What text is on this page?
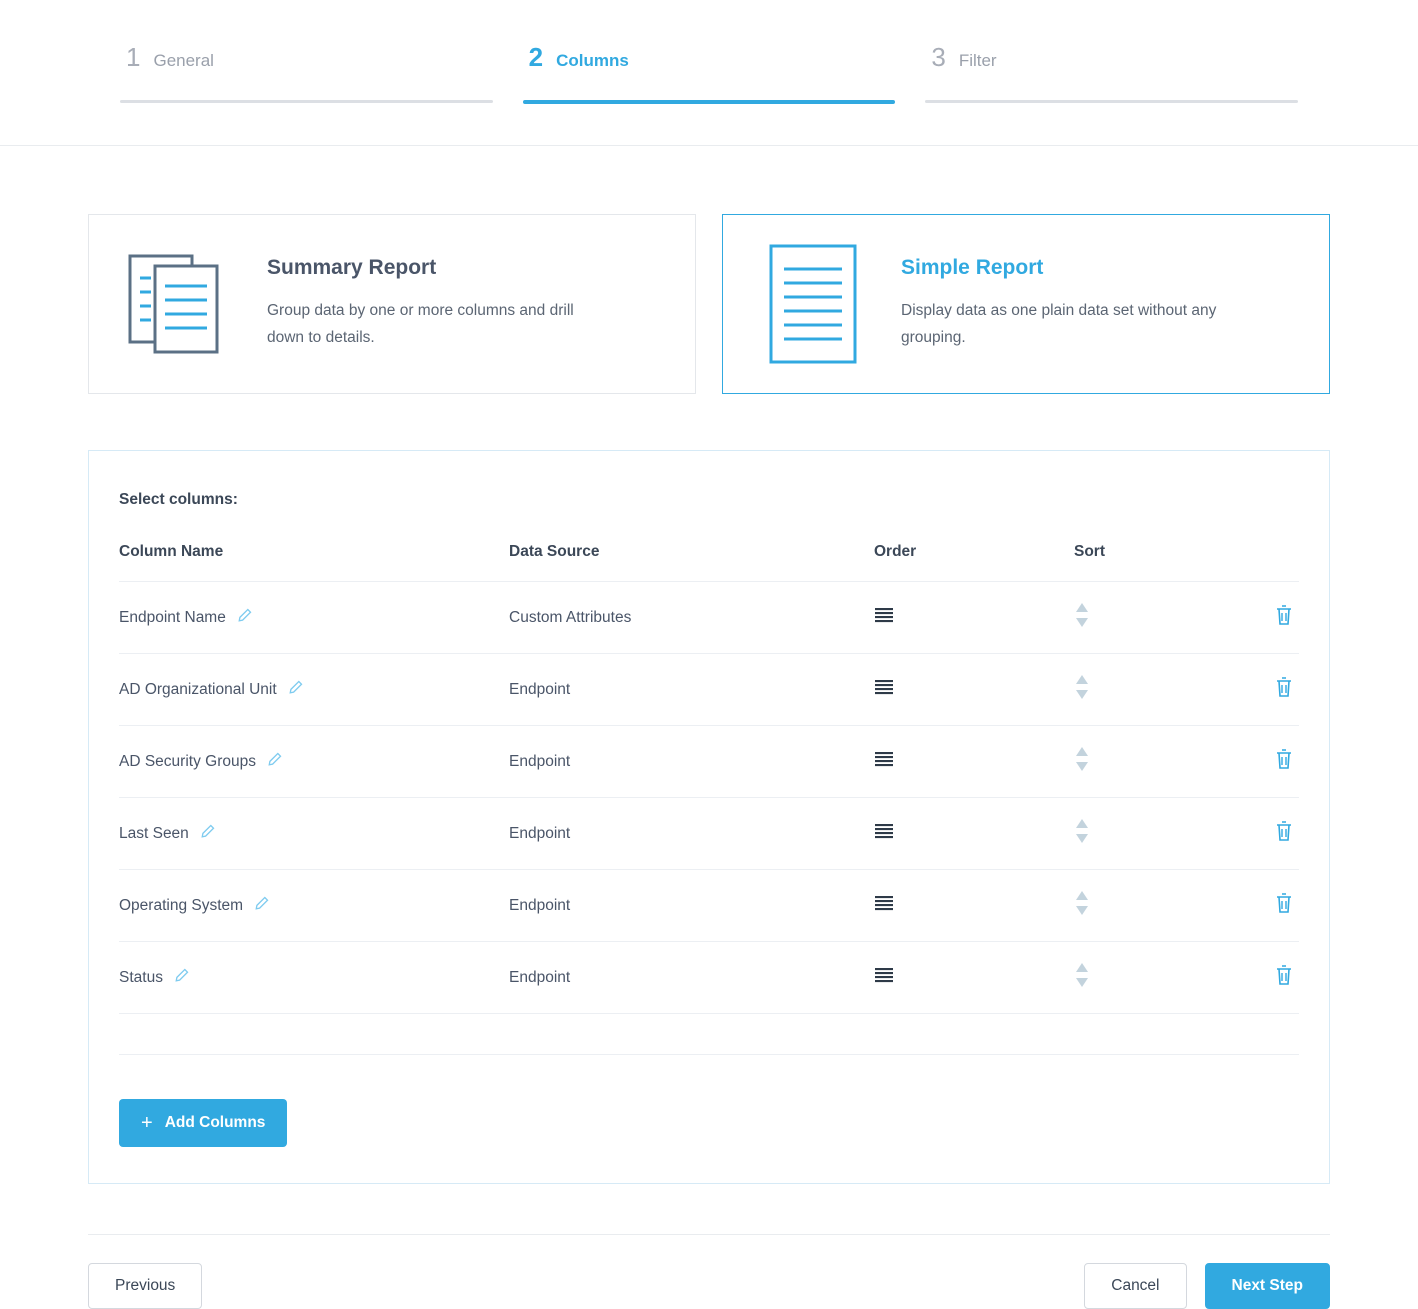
1 General	2 Columns	3 Filter
Summary Report

Group data by one or more columns and drill down to details.

Simple Report

Display data as one plain data set without any grouping.

Select columns:
Column Name	Data Source	Order	Sort	

Endpoint Name	Custom Attributes			

AD Organizational Unit	Endpoint			

AD Security Groups	Endpoint			

Last Seen	Endpoint			

Operating System	Endpoint			

Status	Endpoint			

+ Add Columns
Previous	Cancel	Next Step
